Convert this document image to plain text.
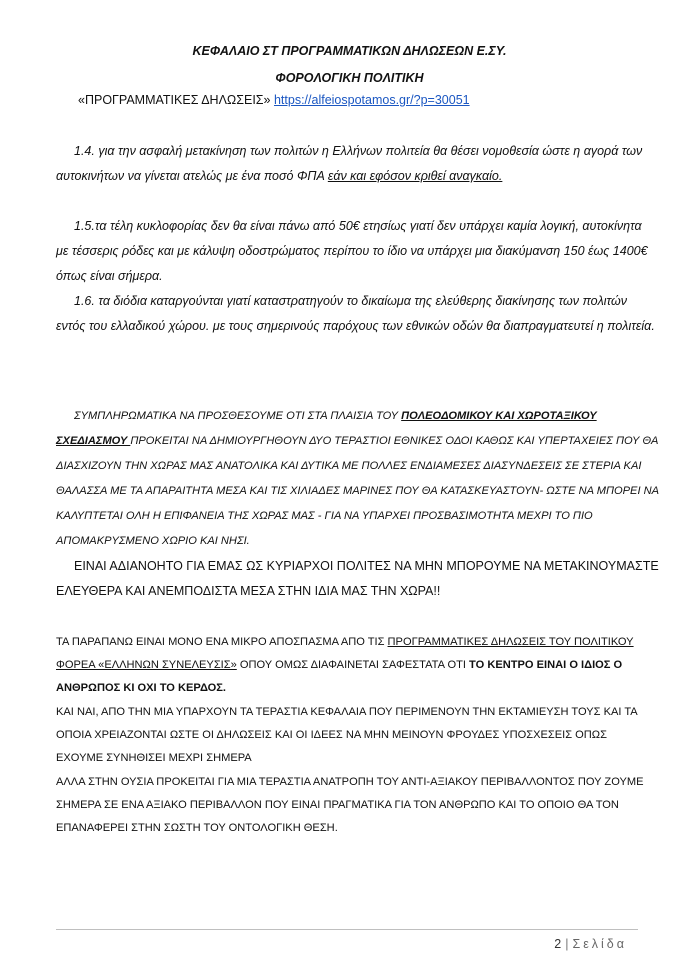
ΚΕΦΑΛΑΙΟ ΣΤ ΠΡΟΓΡΑΜΜΑΤΙΚΩΝ ΔΗΛΩΣΕΩΝ Ε.ΣΥ.
ΦΟΡΟΛΟΓΙΚΗ ΠΟΛΙΤΙΚΗ
«ΠΡΟΓΡΑΜΜΑΤΙΚΕΣ ΔΗΛΩΣΕΙΣ» https://alfeiospotamos.gr/?p=30051
1.4. για την ασφαλή μετακίνηση των πολιτών η Ελλήνων πολιτεία θα θέσει νομοθεσία ώστε η αγορά των αυτοκινήτων να γίνεται ατελώς με ένα ποσό ΦΠΑ εάν και εφόσον κριθεί αναγκαίο.
1.5.τα τέλη κυκλοφορίας δεν θα είναι πάνω από 50€ ετησίως γιατί δεν υπάρχει καμία λογική, αυτοκίνητα με τέσσερις ρόδες και με κάλυψη οδοστρώματος περίπου το ίδιο να υπάρχει μια διακύμανση 150 έως 1400€ όπως είναι σήμερα.
1.6. τα διόδια καταργούνται γιατί καταστρατηγούν το δικαίωμα της ελεύθερης διακίνησης των πολιτών εντός του ελλαδικού χώρου. με τους σημερινούς παρόχους των εθνικών οδών θα διαπραγματευτεί η πολιτεία.
ΣΥΜΠΛΗΡΩΜΑΤΙΚΑ ΝΑ ΠΡΟΣΘΕΣΟΥΜΕ ΟΤΙ ΣΤΑ ΠΛΑΙΣΙΑ ΤΟΥ ΠΟΛΕΟΔΟΜΙΚΟΥ ΚΑΙ ΧΩΡΟΤΑΞΙΚΟΥ ΣΧΕΔΙΑΣΜΟΥ ΠΡΟΚΕΙΤΑΙ ΝΑ ΔΗΜΙΟΥΡΓΗΘΟΥΝ ΔΥΟ ΤΕΡΑΣΤΙΟΙ ΕΘΝΙΚΕΣ ΟΔΟΙ ΚΑΘΩΣ ΚΑΙ ΥΠΕΡΤΑΧΕΙΕΣ ΠΟΥ ΘΑ ΔΙΑΣΧΙΖΟΥΝ ΤΗΝ ΧΩΡΑΣ ΜΑΣ ΑΝΑΤΟΛΙΚΑ ΚΑΙ ΔΥΤΙΚΑ ΜΕ ΠΟΛΛΕΣ ΕΝΔΙΑΜΕΣΕΣ ΔΙΑΣΥΝΔΕΣΕΙΣ ΣΕ ΣΤΕΡΙΑ ΚΑΙ ΘΑΛΑΣΣΑ ΜΕ ΤΑ ΑΠΑΡΑΙΤΗΤΑ ΜΕΣΑ ΚΑΙ ΤΙΣ ΧΙΛΙΑΔΕΣ ΜΑΡΙΝΕΣ ΠΟΥ ΘΑ ΚΑΤΑΣΚΕΥΑΣΤΟΥΝ- ΩΣΤΕ ΝΑ ΜΠΟΡΕΙ ΝΑ ΚΑΛΥΠΤΕΤΑΙ ΟΛΗ Η ΕΠΙΦΑΝΕΙΑ ΤΗΣ ΧΩΡΑΣ ΜΑΣ - ΓΙΑ ΝΑ ΥΠΑΡΧΕΙ ΠΡΟΣΒΑΣΙΜΟΤΗΤΑ ΜΕΧΡΙ ΤΟ ΠΙΟ ΑΠΟΜΑΚΡΥΣΜΕΝΟ ΧΩΡΙΟ ΚΑΙ ΝΗΣΙ.
ΕΙΝΑΙ ΑΔΙΑΝΟΗΤΟ ΓΙΑ ΕΜΑΣ ΩΣ ΚΥΡΙΑΡΧΟΙ ΠΟΛΙΤΕΣ ΝΑ ΜΗΝ ΜΠΟΡΟΥΜΕ ΝΑ ΜΕΤΑΚΙΝΟΥΜΑΣΤΕ ΕΛΕΥΘΕΡΑ ΚΑΙ ΑΝΕΜΠΟΔΙΣΤΑ ΜΕΣΑ ΣΤΗΝ ΙΔΙΑ ΜΑΣ ΤΗΝ ΧΩΡΑ!!
ΤΑ ΠΑΡΑΠΑΝΩ ΕΙΝΑΙ ΜΟΝΟ ΕΝΑ ΜΙΚΡΟ ΑΠΟΣΠΑΣΜΑ ΑΠΟ ΤΙΣ ΠΡΟΓΡΑΜΜΑΤΙΚΕΣ ΔΗΛΩΣΕΙΣ ΤΟΥ ΠΟΛΙΤΙΚΟΥ ΦΟΡΕΑ «ΕΛΛΗΝΩΝ ΣΥΝΕΛΕΥΣΙΣ» ΟΠΟΥ ΟΜΩΣ ΔΙΑΦΑΙΝΕΤΑΙ ΣΑΦΕΣΤΑΤΑ ΟΤΙ ΤΟ ΚΕΝΤΡΟ ΕΙΝΑΙ Ο ΙΔΙΟΣ Ο ΑΝΘΡΩΠΟΣ ΚΙ ΟΧΙ ΤΟ ΚΕΡΔΟΣ.
ΚΑΙ ΝΑΙ, ΑΠΟ ΤΗΝ ΜΙΑ ΥΠΑΡΧΟΥΝ ΤΑ ΤΕΡΑΣΤΙΑ ΚΕΦΑΛΑΙΑ ΠΟΥ ΠΕΡΙΜΕΝΟΥΝ ΤΗΝ ΕΚΤΑΜΙΕΥΣΗ ΤΟΥΣ ΚΑΙ ΤΑ ΟΠΟΙΑ ΧΡΕΙΑΖΟΝΤΑΙ ΩΣΤΕ ΟΙ ΔΗΛΩΣΕΙΣ ΚΑΙ ΟΙ ΙΔΕΕΣ ΝΑ ΜΗΝ ΜΕΙΝΟΥΝ ΦΡΟΥΔΕΣ ΥΠΟΣΧΕΣΕΙΣ ΟΠΩΣ ΕΧΟΥΜΕ ΣΥΝΗΘΙΣΕΙ ΜΕΧΡΙ ΣΗΜΕΡΑ
ΑΛΛΑ ΣΤΗΝ ΟΥΣΙΑ ΠΡΟΚΕΙΤΑΙ ΓΙΑ ΜΙΑ ΤΕΡΑΣΤΙΑ ΑΝΑΤΡΟΠΗ ΤΟΥ ΑΝΤΙ-ΑΞΙΑΚΟΥ ΠΕΡΙΒΑΛΛΟΝΤΟΣ ΠΟΥ ΖΟΥΜΕ ΣΗΜΕΡΑ ΣΕ ΕΝΑ ΑΞΙΑΚΟ ΠΕΡΙΒΑΛΛΟΝ ΠΟΥ ΕΙΝΑΙ ΠΡΑΓΜΑΤΙΚΑ ΓΙΑ ΤΟΝ ΑΝΘΡΩΠΟ ΚΑΙ ΤΟ ΟΠΟΙΟ ΘΑ ΤΟΝ ΕΠΑΝΑΦΕΡΕΙ ΣΤΗΝ ΣΩΣΤΗ ΤΟΥ ΟΝΤΟΛΟΓΙΚΗ ΘΕΣΗ.
2 | Σελίδα
